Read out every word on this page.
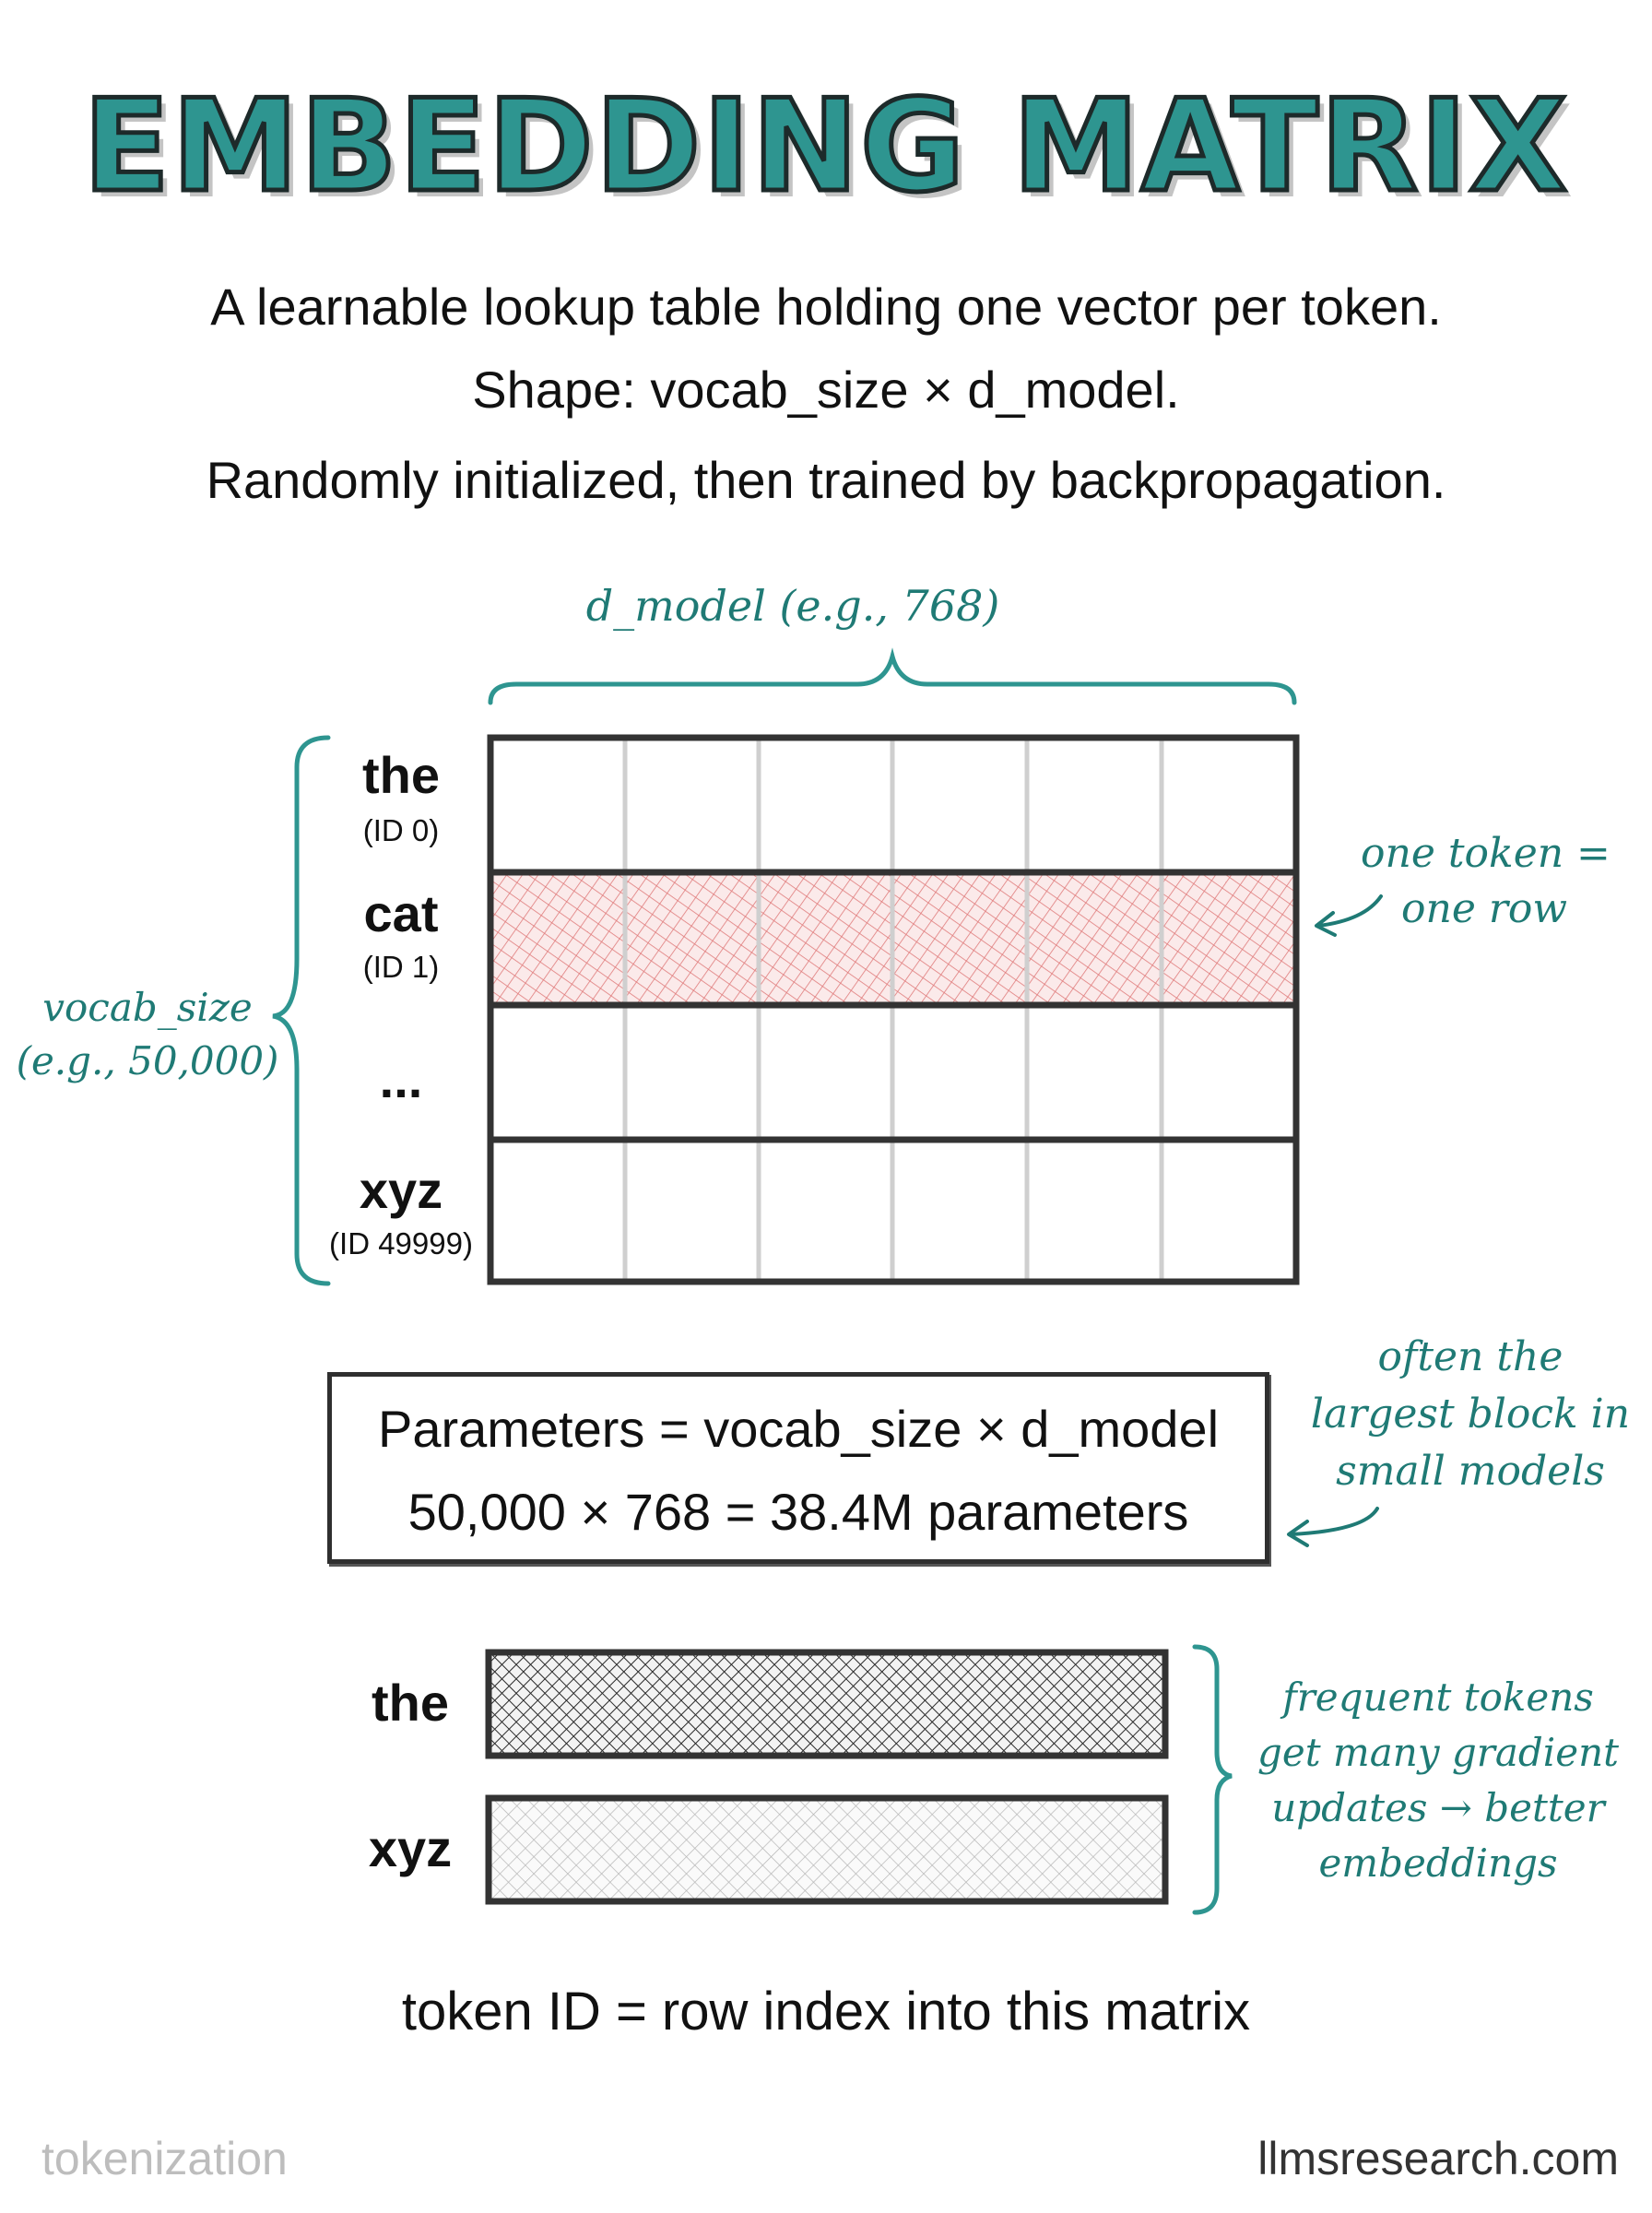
EMBEDDING MATRIX
A learnable lookup table holding one vector per token.
Shape: vocab_size × d_model.
Randomly initialized, then trained by backpropagation.
d_model (e.g., 768)
vocab_size
(e.g., 50,000)
the
(ID 0)
cat
(ID 1)
...
xyz
(ID 49999)
one token =
one row
Parameters = vocab_size × d_model
50,000 × 768 = 38.4M parameters
often the
largest block in
small models
the
xyz
frequent tokens
get many gradient
updates → better
embeddings
token ID = row index into this matrix
tokenization	llmsresearch.com
